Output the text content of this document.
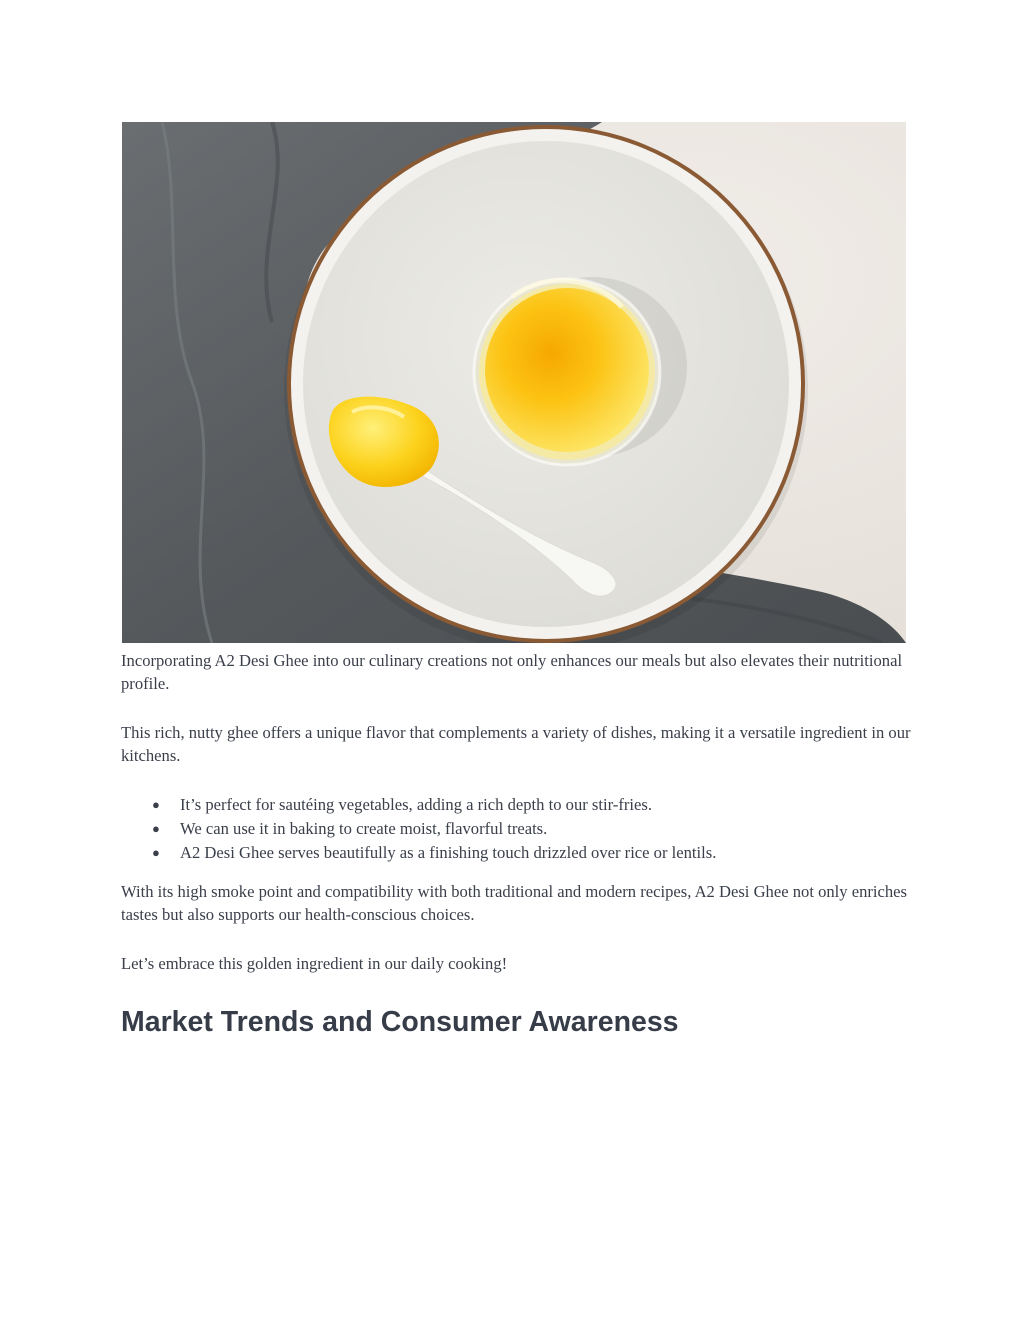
Incorporating A2 Desi Ghee into our culinary creations not only enhances our meals but also elevates their nutritional profile.

This rich, nutty ghee offers a unique flavor that complements a variety of dishes, making it a versatile ingredient in our kitchens.

● It’s perfect for sautéing vegetables, adding a rich depth to our stir-fries.
● We can use it in baking to create moist, flavorful treats.
● A2 Desi Ghee serves beautifully as a finishing touch drizzled over rice or lentils.

With its high smoke point and compatibility with both traditional and modern recipes, A2 Desi Ghee not only enriches tastes but also supports our health-conscious choices.

Let’s embrace this golden ingredient in our daily cooking!

Market Trends and Consumer Awareness
